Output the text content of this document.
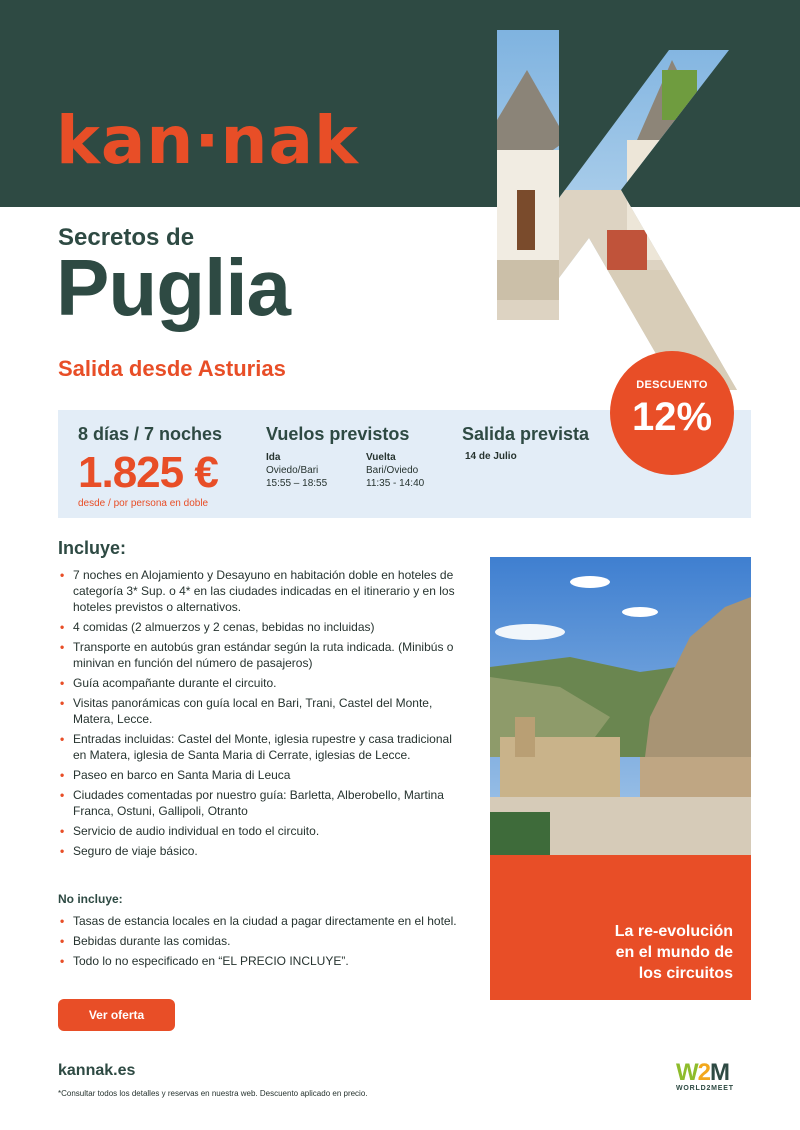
kan·nak
Secretos de
Puglia
Salida desde Asturias
8 días / 7 noches
1.825 €
desde / por persona en doble
Vuelos previstos
Ida
Oviedo/Bari
15:55 – 18:55
Vuelta
Bari/Oviedo
11:35 - 14:40
Salida prevista
14 de Julio
DESCUENTO
12%
Incluye:
• 7 noches en Alojamiento y Desayuno en habitación doble en hoteles de categoría 3* Sup. o 4* en las ciudades indicadas en el itinerario y en los hoteles previstos o alternativos.
• 4 comidas (2 almuerzos y 2 cenas, bebidas no incluidas)
• Transporte en autobús gran estándar según la ruta indicada. (Minibús o minivan en función del número de pasajeros)
• Guía acompañante durante el circuito.
• Visitas panorámicas con guía local en Bari, Trani, Castel del Monte, Matera, Lecce.
• Entradas incluidas: Castel del Monte, iglesia rupestre y casa tradicional en Matera, iglesia de Santa Maria di Cerrate, iglesias de Lecce.
• Paseo en barco en Santa Maria di Leuca
• Ciudades comentadas por nuestro guía: Barletta, Alberobello, Martina Franca, Ostuni, Gallipoli, Otranto
• Servicio de audio individual en todo el circuito.
• Seguro de viaje básico.
No incluye:
• Tasas de estancia locales en la ciudad a pagar directamente en el hotel.
• Bebidas durante las comidas.
• Todo lo no especificado en “EL PRECIO INCLUYE”.
Ver oferta
La re-evolución
en el mundo de
los circuitos
kannak.es
*Consultar todos los detalles y reservas en nuestra web. Descuento aplicado en precio.
W2M
WORLD2MEET
